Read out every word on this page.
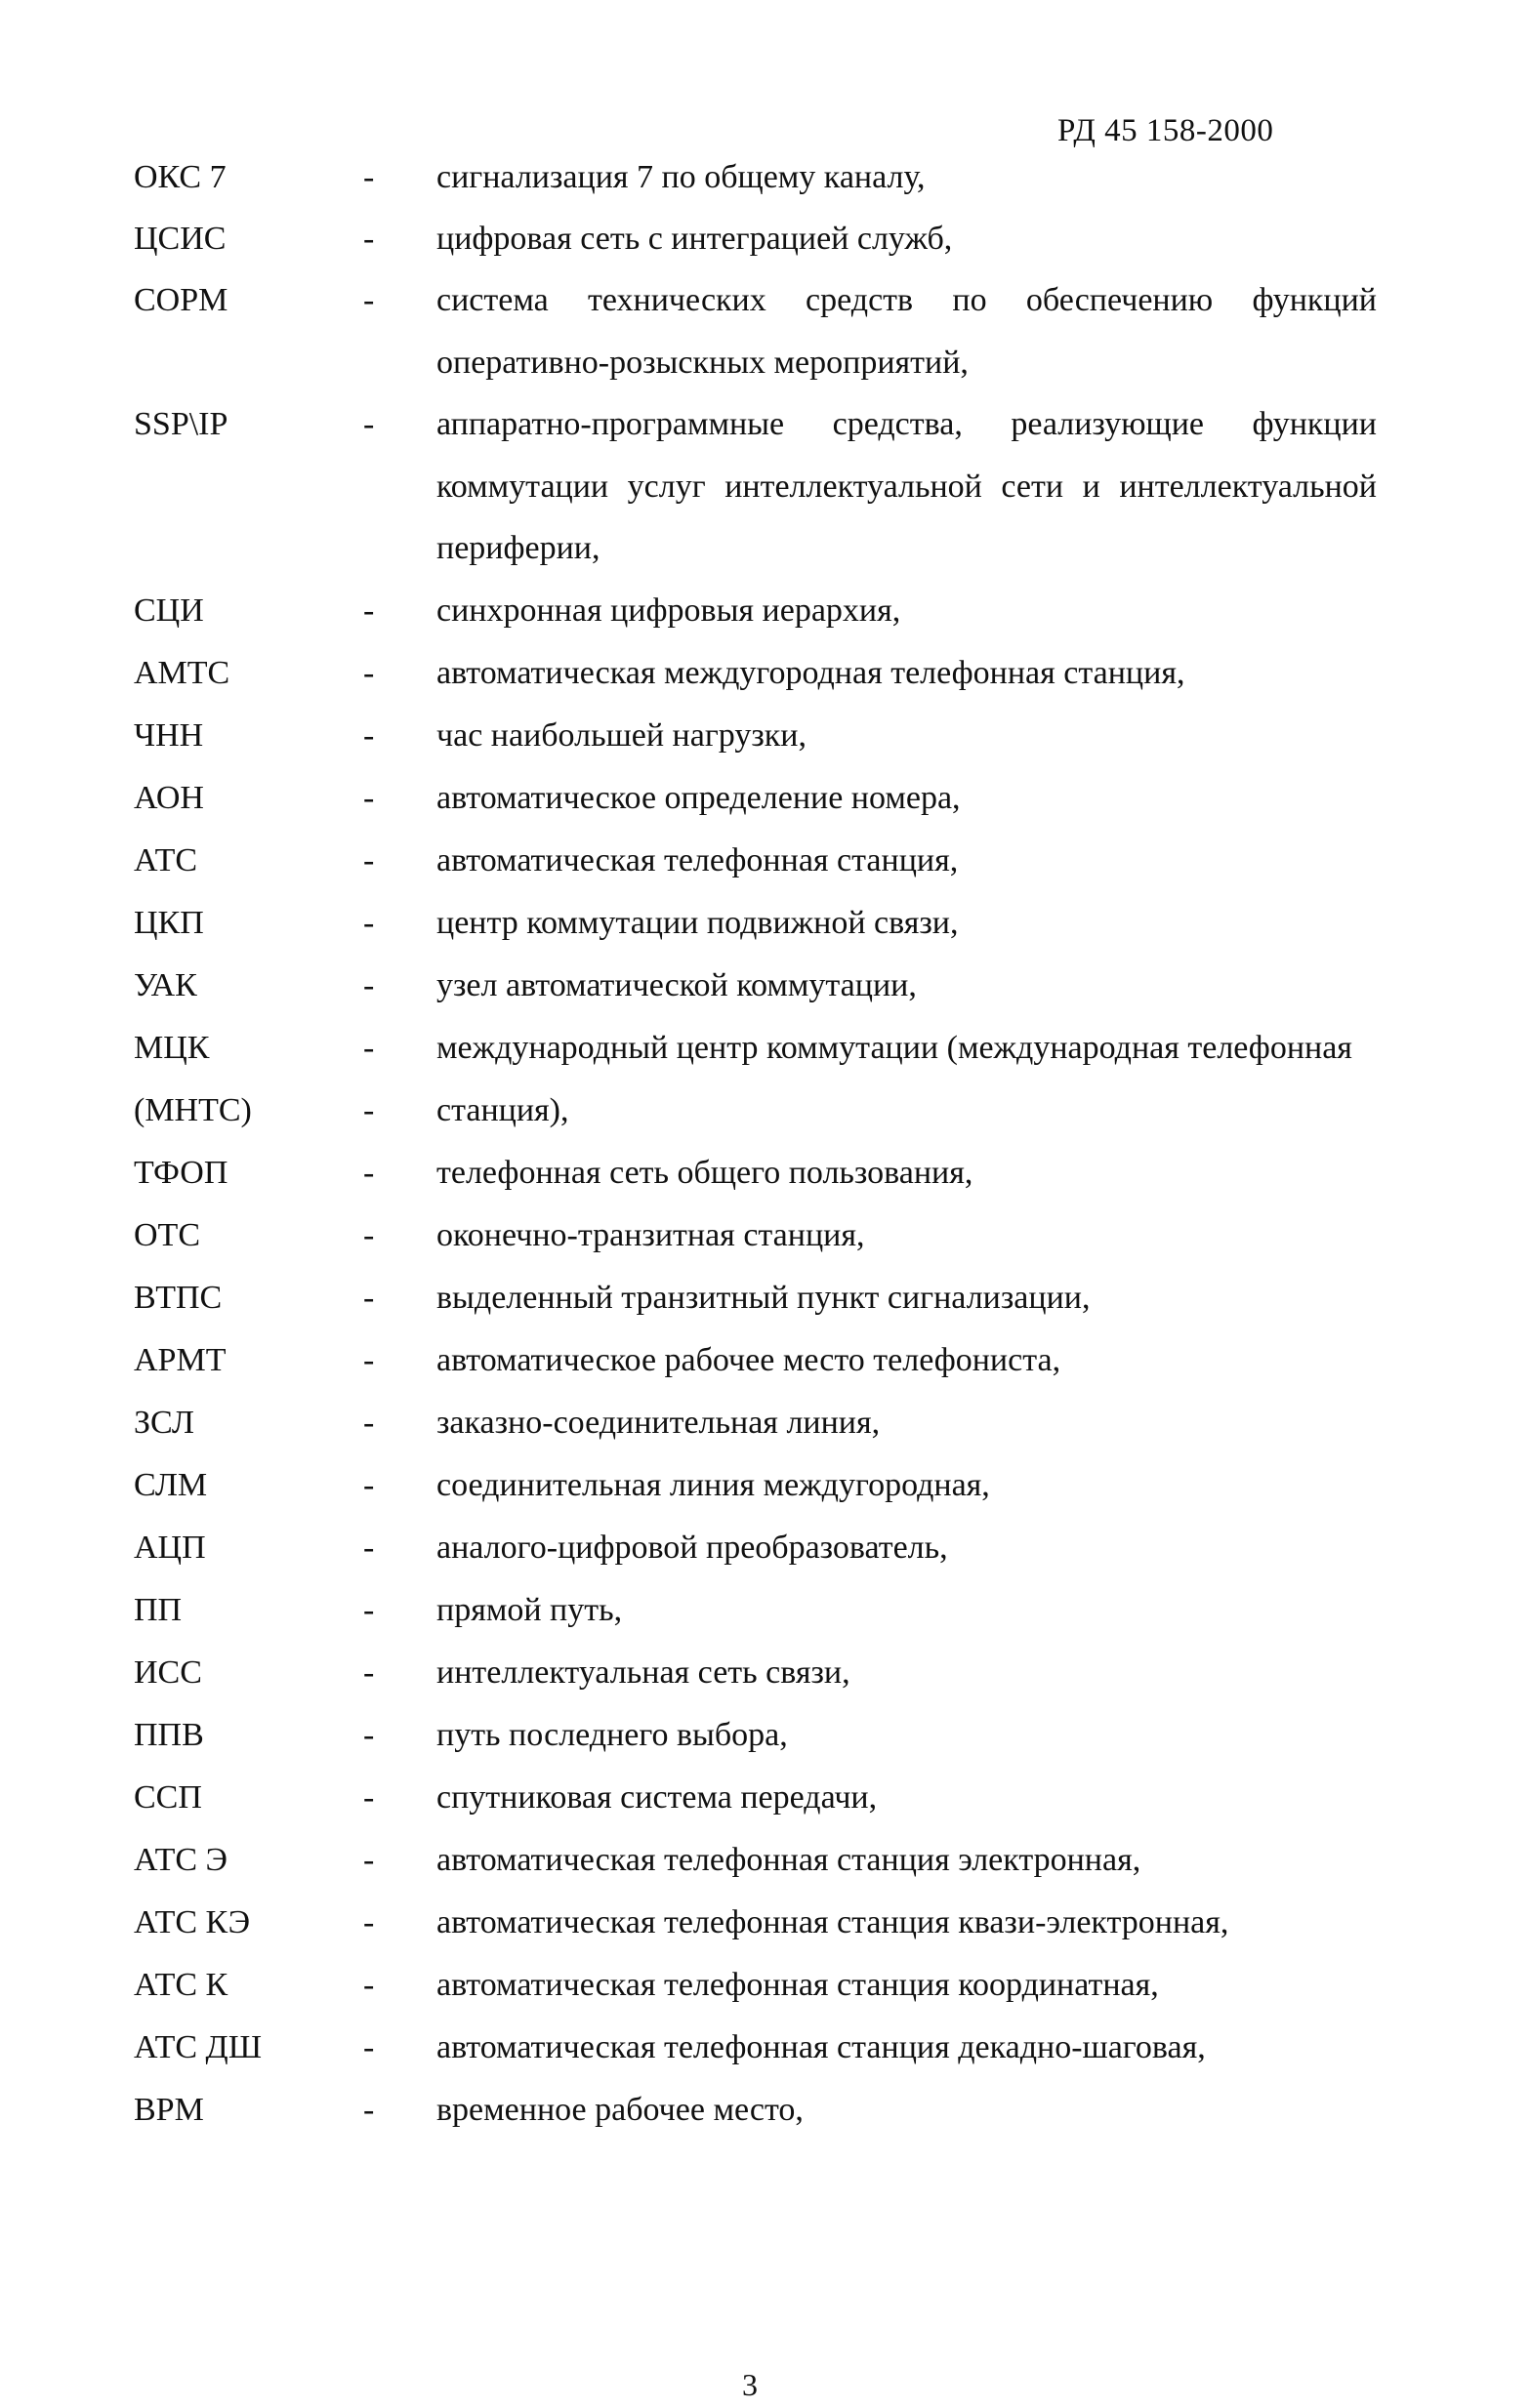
РД 45 158-2000
ОКС 7	- сигнализация 7 по общему каналу,
ЦСИС	- цифровая сеть с интеграцией служб,
СОРМ	- система технических средств по обеспечению функций оперативно-розыскных мероприятий,
SSP\IP	- аппаратно-программные средства, реализующие функции коммутации услуг интеллектуальной сети и интеллектуальной периферии,
СЦИ	- синхронная цифровыя иерархия,
АМТС	- автоматическая междугородная телефонная станция,
ЧНН	- час наибольшей нагрузки,
АОН	- автоматическое определение номера,
АТС	- автоматическая телефонная станция,
ЦКП	- центр коммутации подвижной связи,
УАК	- узел автоматической коммутации,
МЦК	- международный центр коммутации (международная телефонная
(МНТС)	- станция),
ТФОП	- телефонная сеть общего пользования,
ОТС	- оконечно-транзитная станция,
ВТПС	- выделенный транзитный пункт сигнализации,
АРМТ	- автоматическое рабочее место телефониста,
ЗСЛ	- заказно-соединительная линия,
СЛМ	- соединительная линия междугородная,
АЦП	- аналого-цифровой преобразователь,
ПП	- прямой путь,
ИСС	- интеллектуальная сеть связи,
ППВ	- путь последнего выбора,
ССП	- спутниковая система передачи,
АТС Э	- автоматическая телефонная станция электронная,
АТС КЭ	- автоматическая телефонная станция квази-электронная,
АТС К	- автоматическая телефонная станция координатная,
АТС ДШ	- автоматическая телефонная станция декадно-шаговая,
ВРМ	- временное рабочее место,
3
